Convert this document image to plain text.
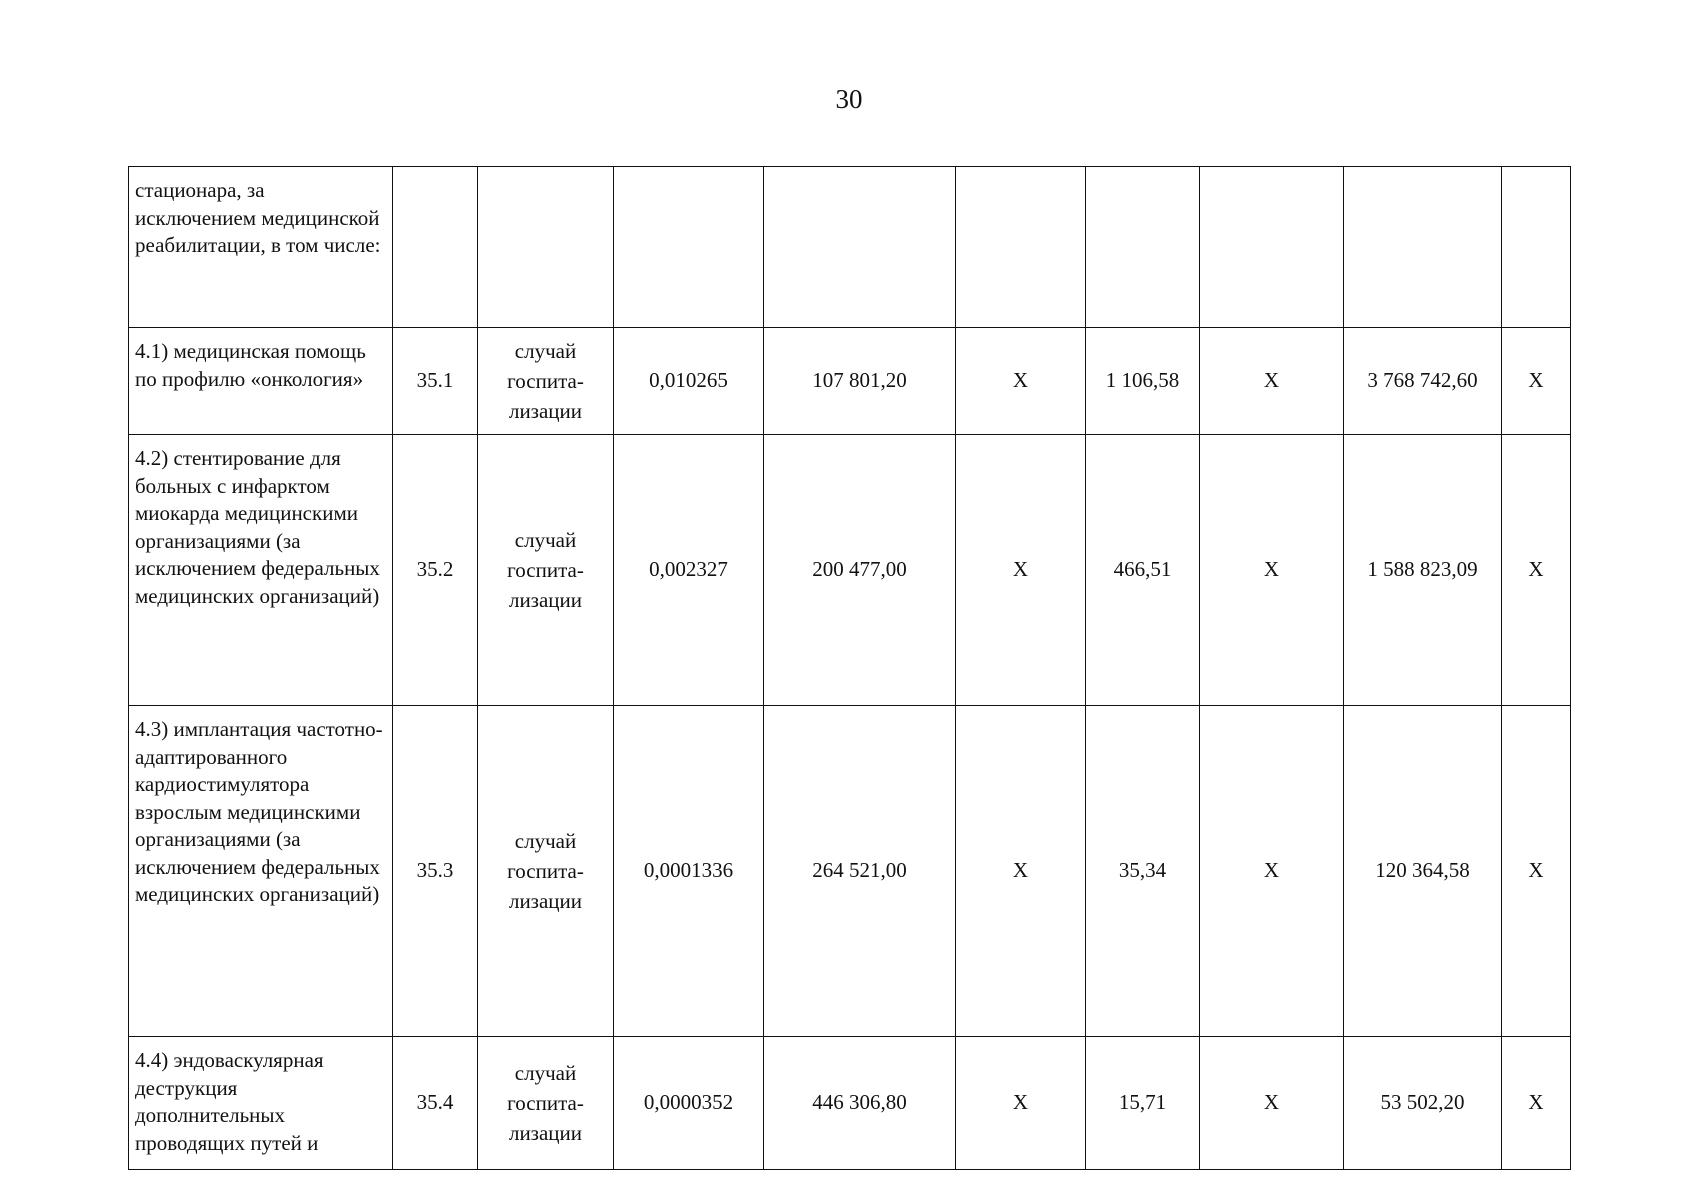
30
стационара, за исключением медицинской реабилитации, в том числе:									
4.1) медицинская помощь по профилю «онкология»	35.1	случай госпита-лизации	0,010265	107 801,20	X	1 106,58	X	3 768 742,60	X
4.2) стентирование для больных с инфарктом миокарда медицинскими организациями (за исключением федеральных медицинских организаций)	35.2	случай госпита-лизации	0,002327	200 477,00	X	466,51	X	1 588 823,09	X
4.3) имплантация частотно-адаптированного кардиостимулятора взрослым медицинскими организациями (за исключением федеральных медицинских организаций)	35.3	случай госпита-лизации	0,0001336	264 521,00	X	35,34	X	120 364,58	X
4.4) эндоваскулярная деструкция дополнительных проводящих путей и	35.4	случай госпита-лизации	0,0000352	446 306,80	X	15,71	X	53 502,20	X
